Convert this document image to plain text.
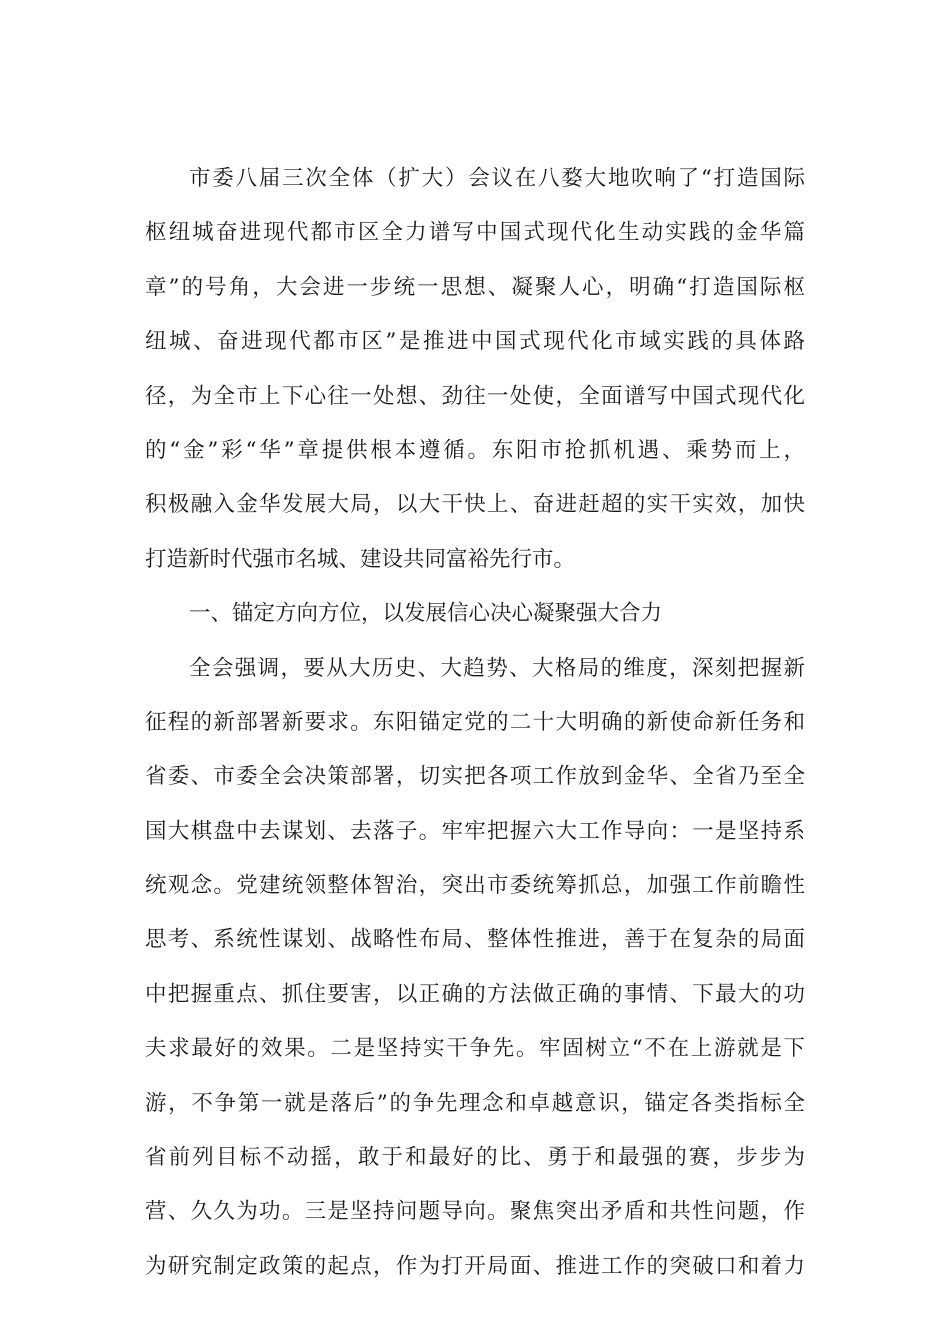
市委八届三次全体（扩大）会议在八婺大地吹响了“打造国际
枢纽城奋进现代都市区全力谱写中国式现代化生动实践的金华篇
章”的号角，大会进一步统一思想、凝聚人心，明确“打造国际枢
纽城、奋进现代都市区”是推进中国式现代化市域实践的具体路
径，为全市上下心往一处想、劲往一处使，全面谱写中国式现代化
的“金”彩“华”章提供根本遵循。东阳市抢抓机遇、乘势而上，
积极融入金华发展大局，以大干快上、奋进赶超的实干实效，加快
打造新时代强市名城、建设共同富裕先行市。
一、锚定方向方位，以发展信心决心凝聚强大合力
全会强调，要从大历史、大趋势、大格局的维度，深刻把握新
征程的新部署新要求。东阳锚定党的二十大明确的新使命新任务和
省委、市委全会决策部署，切实把各项工作放到金华、全省乃至全
国大棋盘中去谋划、去落子。牢牢把握六大工作导向：一是坚持系
统观念。党建统领整体智治，突出市委统筹抓总，加强工作前瞻性
思考、系统性谋划、战略性布局、整体性推进，善于在复杂的局面
中把握重点、抓住要害，以正确的方法做正确的事情、下最大的功
夫求最好的效果。二是坚持实干争先。牢固树立“不在上游就是下
游，不争第一就是落后”的争先理念和卓越意识，锚定各类指标全
省前列目标不动摇，敢于和最好的比、勇于和最强的赛，步步为
营、久久为功。三是坚持问题导向。聚焦突出矛盾和共性问题，作
为研究制定政策的起点，作为打开局面、推进工作的突破口和着力
